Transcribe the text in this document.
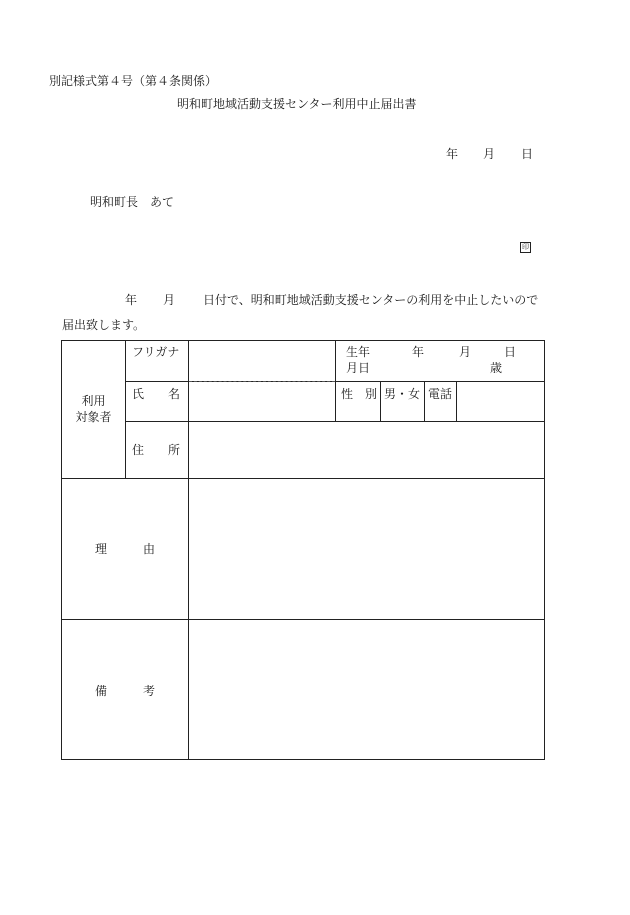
別記様式第４号（第４条関係）
明和町地域活動支援センター利用中止届出書
年 月 日
明和町長　あて
印
年 月 日付で、明和町地域活動支援センターの利用を中止したいので
届出致します。
利用
対象者
フリガナ
氏　　名
住　　所
生年
月日
年	月	日
歳
性　別 男・女 電話
理　　　由
備　　　考
